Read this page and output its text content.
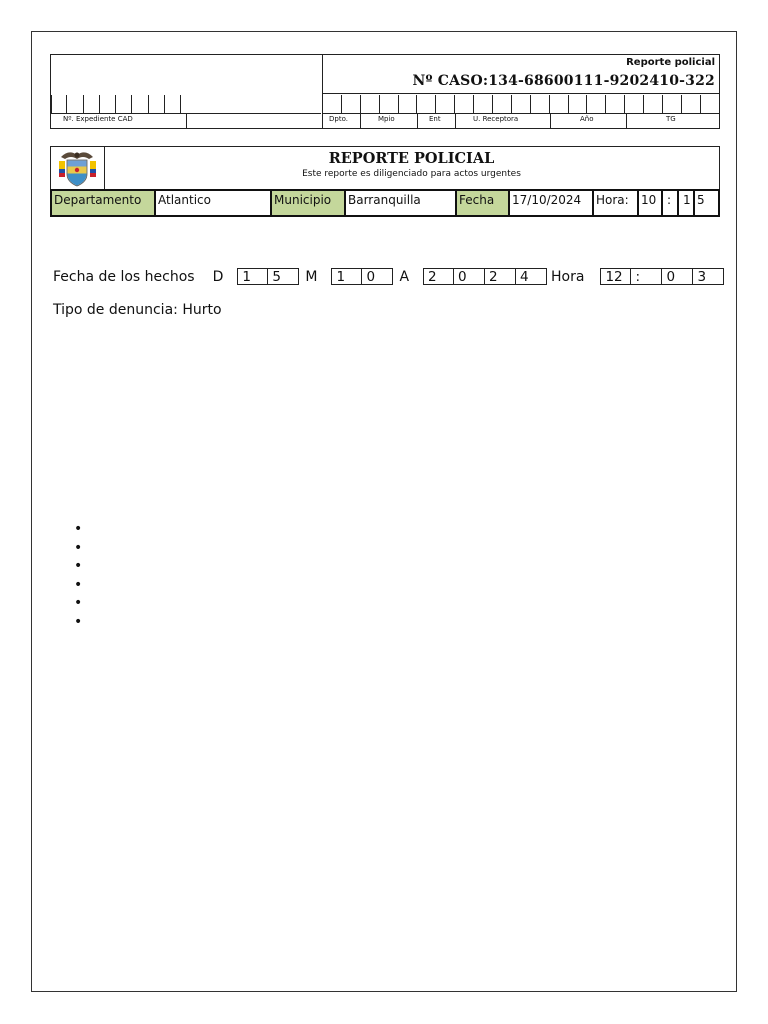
Reporte policial
Nº CASO:134-68600111-9202410-322
Nº. Expediente CAD	Dpto.	Mpio	Ent	U. Receptora	Año	TG
REPORTE POLICIAL
Este reporte es diligenciado para actos urgentes
Departamento	Atlantico	Municipio	Barranquilla	Fecha	17/10/2024	Hora:	10 : 1 5
Fecha de los hechos D	1	5	M	1	0	A	2	0	2	4	Hora	12 :	0	3
Tipo de denuncia: Hurto
•
•
•
•
•
•
